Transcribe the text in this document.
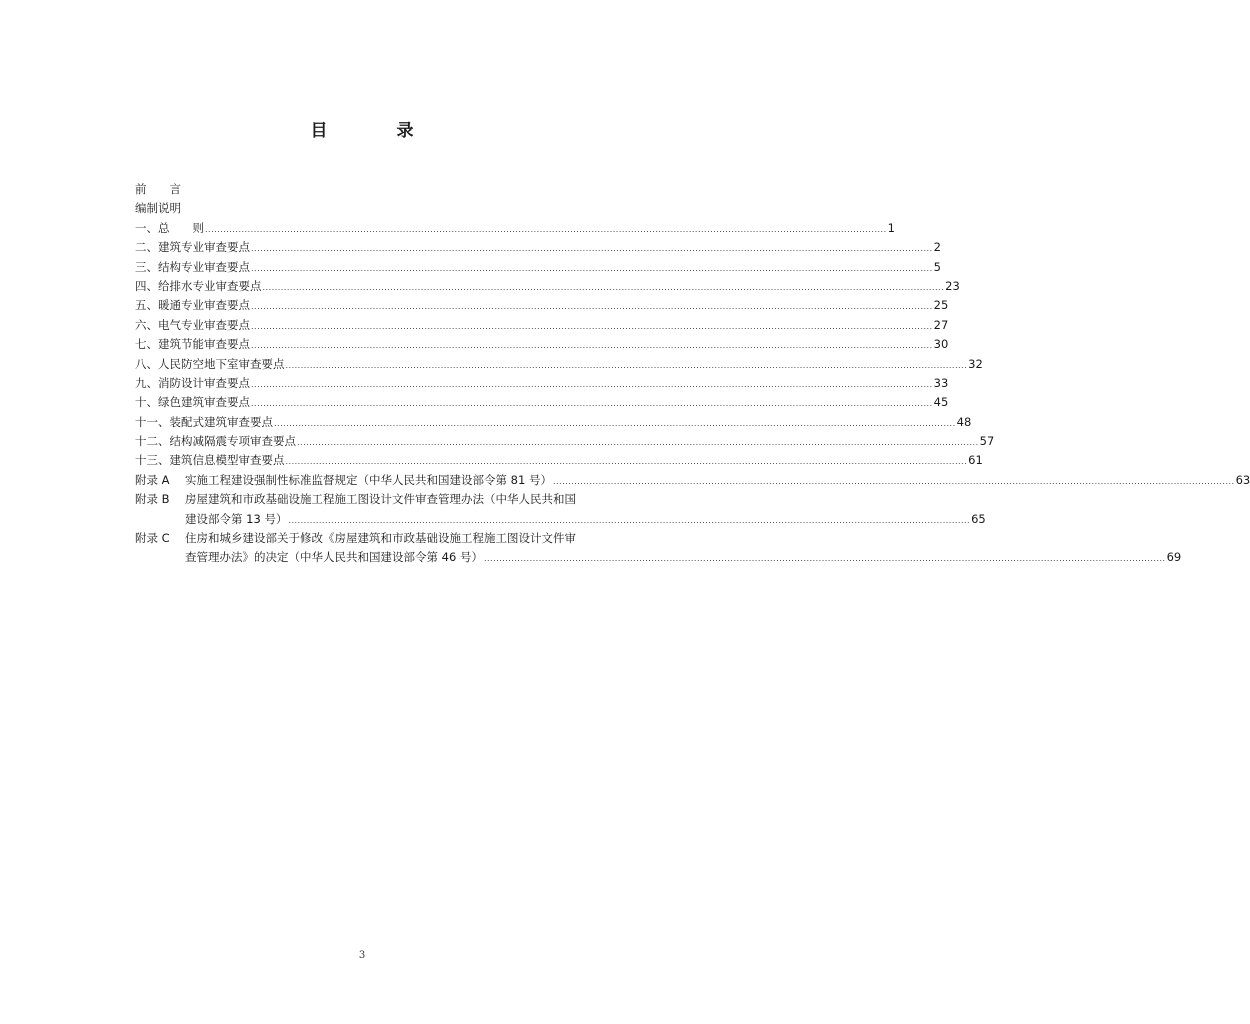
目　录
前　　言
编制说明
一、总　　则 .....	1
二、建筑专业审查要点 .....	2
三、结构专业审查要点 .....	5
四、给排水专业审查要点 .....	23
五、暖通专业审查要点 .....	25
六、电气专业审查要点 .....	27
七、建筑节能审查要点 .....	30
八、人民防空地下室审查要点 .....	32
九、消防设计审查要点 .....	33
十、绿色建筑审查要点 .....	45
十一、装配式建筑审查要点 .....	48
十二、结构减隔震专项审查要点 .....	57
十三、建筑信息模型审查要点 .....	61
附录 A	实施工程建设强制性标准监督规定（中华人民共和国建设部令第 81 号） .....	63
附录 B	房屋建筑和市政基础设施工程施工图设计文件审查管理办法（中华人民共和国
建设部令第 13 号） .....	65
附录 C	住房和城乡建设部关于修改《房屋建筑和市政基础设施工程施工图设计文件审
查管理办法》的决定（中华人民共和国建设部令第 46 号） .....	69
3
